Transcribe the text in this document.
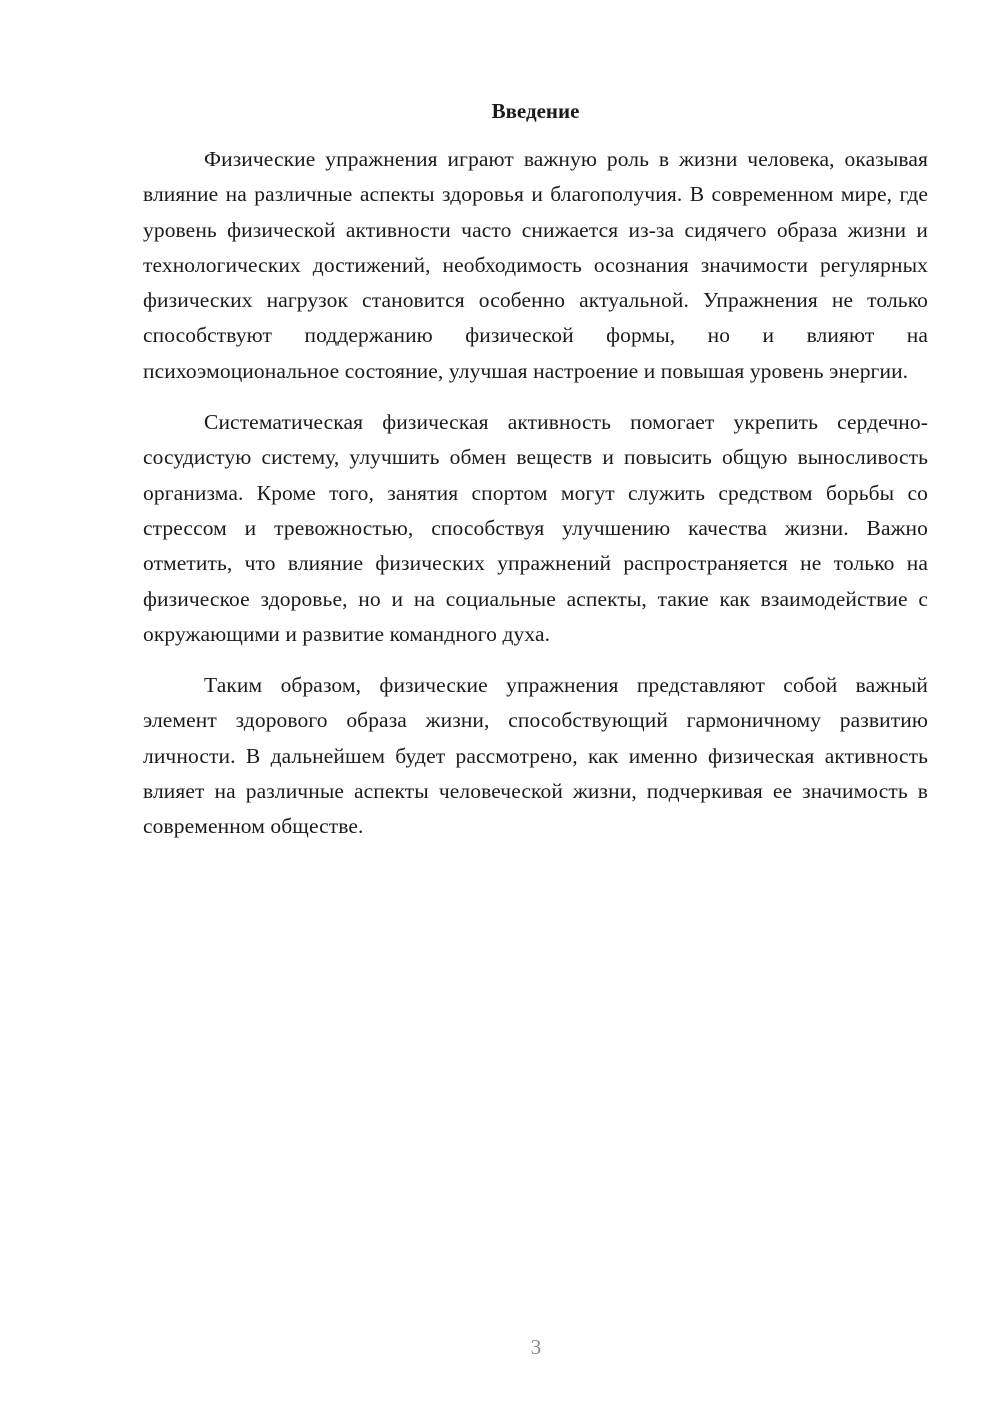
Введение

Физические упражнения играют важную роль в жизни человека, оказывая влияние на различные аспекты здоровья и благополучия. В современном мире, где уровень физической активности часто снижается из-за сидячего образа жизни и технологических достижений, необходимость осознания значимости регулярных физических нагрузок становится особенно актуальной. Упражнения не только способствуют поддержанию физической формы, но и влияют на психоэмоциональное состояние, улучшая настроение и повышая уровень энергии.

Систематическая физическая активность помогает укрепить сердечно-сосудистую систему, улучшить обмен веществ и повысить общую выносливость организма. Кроме того, занятия спортом могут служить средством борьбы со стрессом и тревожностью, способствуя улучшению качества жизни. Важно отметить, что влияние физических упражнений распространяется не только на физическое здоровье, но и на социальные аспекты, такие как взаимодействие с окружающими и развитие командного духа.

Таким образом, физические упражнения представляют собой важный элемент здорового образа жизни, способствующий гармоничному развитию личности. В дальнейшем будет рассмотрено, как именно физическая активность влияет на различные аспекты человеческой жизни, подчеркивая ее значимость в современном обществе.

3
